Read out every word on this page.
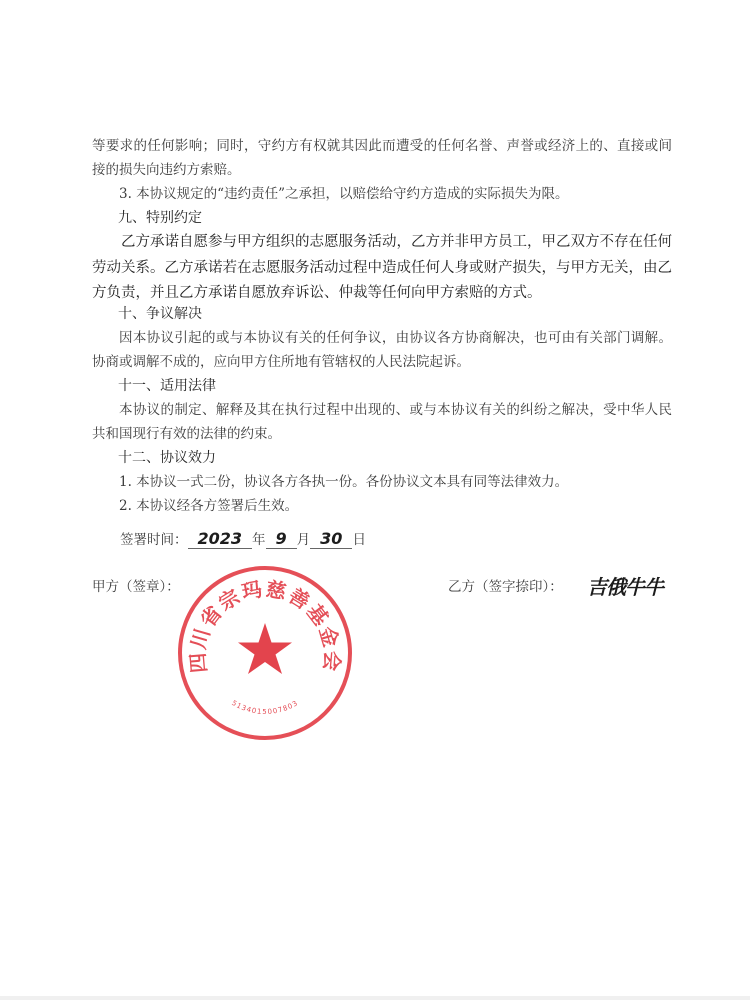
等要求的任何影响；同时，守约方有权就其因此而遭受的任何名誉、声誉或经济上的、直接或间接的损失向违约方索赔。

3. 本协议规定的“违约责任”之承担，以赔偿给守约方造成的实际损失为限。

九、特别约定

乙方承诺自愿参与甲方组织的志愿服务活动，乙方并非甲方员工，甲乙双方不存在任何劳动关系。乙方承诺若在志愿服务活动过程中造成任何人身或财产损失，与甲方无关，由乙方负责，并且乙方承诺自愿放弃诉讼、仲裁等任何向甲方索赔的方式。

十、争议解决

因本协议引起的或与本协议有关的任何争议，由协议各方协商解决，也可由有关部门调解。协商或调解不成的，应向甲方住所地有管辖权的人民法院起诉。

十一、适用法律

本协议的制定、解释及其在执行过程中出现的、或与本协议有关的纠纷之解决，受中华人民共和国现行有效的法律的约束。

十二、协议效力

1. 本协议一式二份，协议各方各执一份。各份协议文本具有同等法律效力。

2. 本协议经各方签署后生效。

签署时间： 2023 年 9 月 30 日
甲方（签章）：	乙方（签字捺印）： 吉俄牛牛
四川省宗玛慈善基金会
5134015007803
